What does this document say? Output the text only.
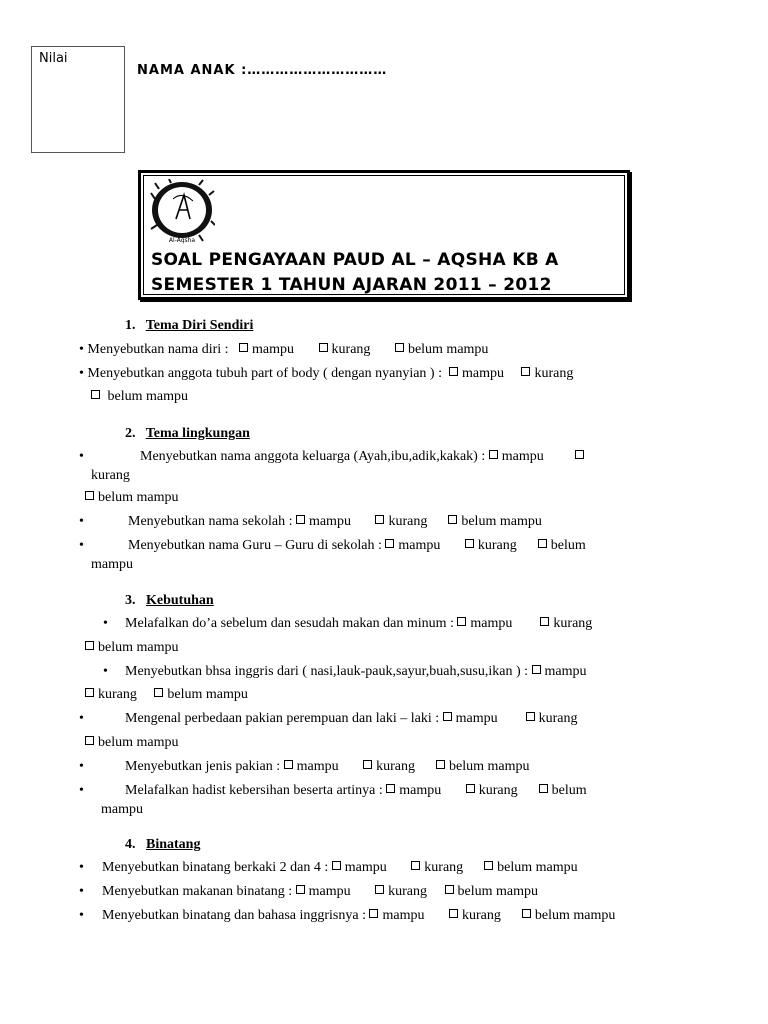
Nilai
NAMA ANAK :…………………………
Al-Aqsha
SOAL PENGAYAAN PAUD AL – AQSHA KB A
SEMESTER 1 TAHUN AJARAN 2011 – 2012
1. Tema Diri Sendiri
• Menyebutkan nama diri : mampu	kurang	belum mampu
• Menyebutkan anggota tubuh part of body ( dengan nyanyian ) : mampu kurang
belum mampu
2. Tema lingkungan
•	Menyebutkan nama anggota keluarga (Ayah,ibu,adik,kakak) : mampu
kurang
belum mampu
•	Menyebutkan nama sekolah : mampu	kurang belum mampu
•	Menyebutkan nama Guru – Guru di sekolah : mampu	kurang belum
mampu
3. Kebutuhan
• Melafalkan do’a sebelum dan sesudah makan dan minum : mampu	kurang
belum mampu
• Menyebutkan bhsa inggris dari ( nasi,lauk-pauk,sayur,buah,susu,ikan ) : mampu
kurang belum mampu
•	Mengenal perbedaan pakian perempuan dan laki – laki : mampu	kurang
belum mampu
•	Menyebutkan jenis pakian : mampu	kurang belum mampu
•	Melafalkan hadist kebersihan beserta artinya : mampu	kurang belum
mampu
4. Binatang
• Menyebutkan binatang berkaki 2 dan 4 : mampu	kurang belum mampu
• Menyebutkan makanan binatang : mampu	kurang belum mampu
• Menyebutkan binatang dan bahasa inggrisnya : mampu	kurang belum mampu
